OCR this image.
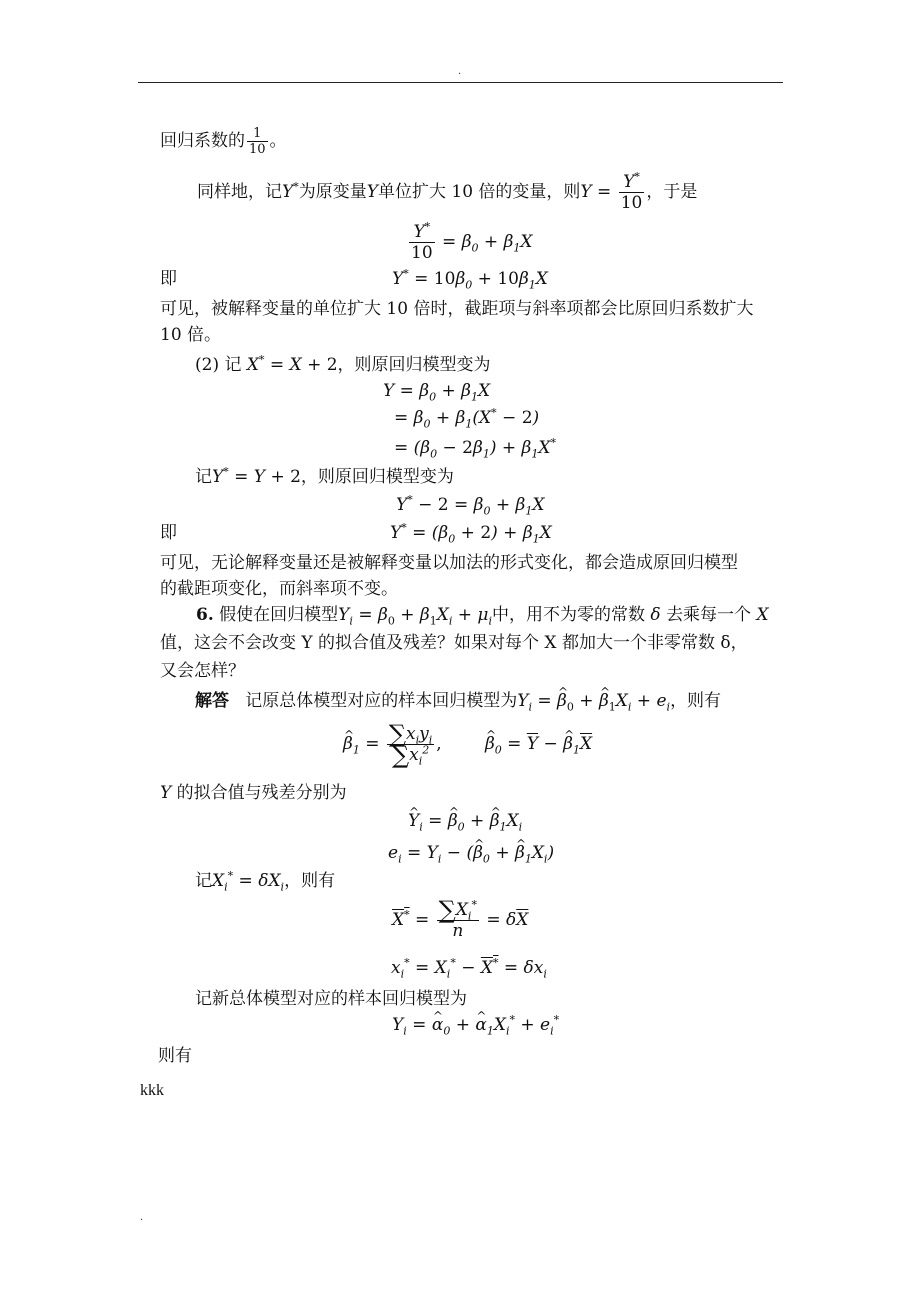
.
回归系数的 $\frac{1}{10}$ 。
同样地，记Y*为原变量Y单位扩大 10 倍的变量，则$Y = \frac{Y^*}{10}$ ，于是
$\frac{Y^*}{10} = \beta_0 + \beta_1X$
即	$Y^* = 10\beta_0 + 10\beta_1X$
可见，被解释变量的单位扩大 10 倍时，截距项与斜率项都会比原回归系数扩大
10 倍。
(2) 记 X* = X + 2，则原回归模型变为
$Y = \beta_0 + \beta_1X$
= $\beta_0 + \beta_1(X^* - 2)$
= $(\beta_0 - 2\beta_1) + \beta_1X^*$
记Y* = Y + 2，则原回归模型变为
$Y^* - 2 = \beta_0 + \beta_1X$
即	$Y^* = (\beta_0 + 2) + \beta_1X$
可见，无论解释变量还是被解释变量以加法的形式变化，都会造成原回归模型
的截距项变化，而斜率项不变。
6. 假使在回归模型$Y_i = \beta_0 + \beta_1X_i + \mu_i$中，用不为零的常数 δ 去乘每一个 X
值，这会不会改变 Y 的拟合值及残差？如果对每个 X 都加大一个非零常数 δ，
又会怎样？
解答 记原总体模型对应的样本回归模型为$Y_i$ = ^ $\beta_0$ + ^ $\beta_1X_i + e_i$，则有
^ $\beta_1 = \frac{\sum x_iy_i}{\sum x_i^2}$ ,	^ $\beta_0 = \overline{Y}$ − ^ $\beta_1\overline{X}$
Y 的拟合值与残差分别为
^ $Y_i$ = ^ $\beta_0$ + ^ $\beta_1X_i$
$e_i = Y_i$ − (^ $\beta_0$ + ^ $\beta_1X_i$)
记$X_i^* = \delta X_i$，则有
$X^* = \frac{\sum X_i^*}{n} = \delta\overline{X}$
$x_i^* = X_i^* - X^* = \delta x_i$
记新总体模型对应的样本回归模型为
$Y_i$ = ^ $\alpha_0$ + ^ $\alpha_1X_i^* + e_i^*$
则有
kkk
.
